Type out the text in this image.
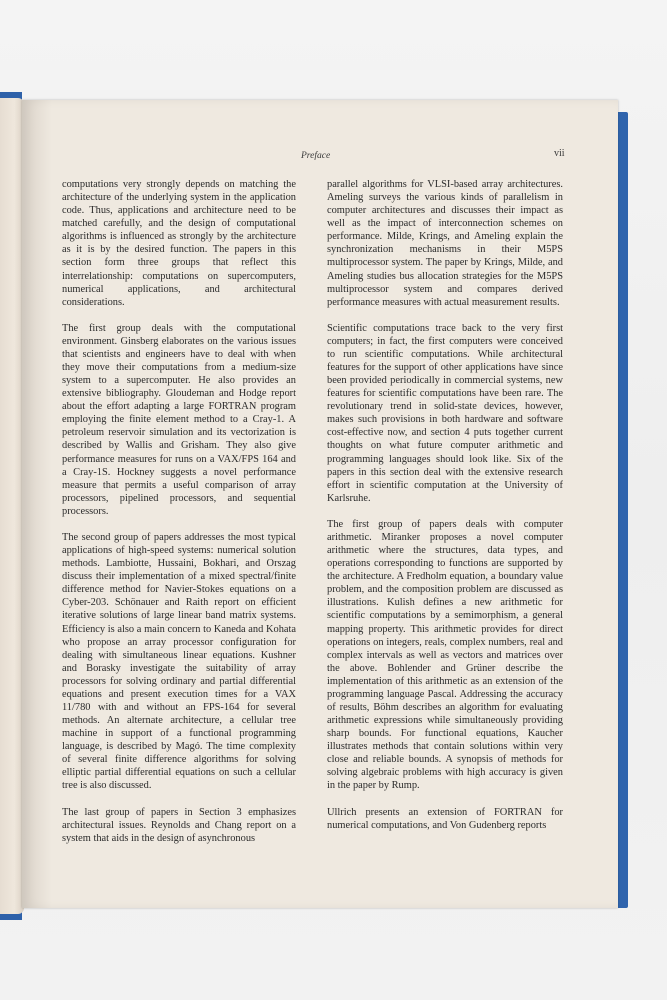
Preface	vii

computations very strongly depends on matching the architecture of the underlying system in the application code. Thus, applications and architecture need to be matched carefully, and the design of computational algorithms is influenced as strongly by the architecture as it is by the desired function. The papers in this section form three groups that reflect this interrelationship: computations on supercomputers, numerical applications, and architectural considerations.

The first group deals with the computational environment. Ginsberg elaborates on the various issues that scientists and engineers have to deal with when they move their computations from a medium-size system to a supercomputer. He also provides an extensive bibliography. Gloudeman and Hodge report about the effort adapting a large FORTRAN program employing the finite element method to a Cray-1. A petroleum reservoir simulation and its vectorization is described by Wallis and Grisham. They also give performance measures for runs on a VAX/FPS 164 and a Cray-1S. Hockney suggests a novel performance measure that permits a useful comparison of array processors, pipelined processors, and sequential processors.

The second group of papers addresses the most typical applications of high-speed systems: numerical solution methods. Lambiotte, Hussaini, Bokhari, and Orszag discuss their implementation of a mixed spectral/finite difference method for Navier-Stokes equations on a Cyber-203. Schönauer and Raith report on efficient iterative solutions of large linear band matrix systems. Efficiency is also a main concern to Kaneda and Kohata who propose an array processor configuration for dealing with simultaneous linear equations. Kushner and Borasky investigate the suitability of array processors for solving ordinary and partial differential equations and present execution times for a VAX 11/780 with and without an FPS-164 for several methods. An alternate architecture, a cellular tree machine in support of a functional programming language, is described by Magó. The time complexity of several finite difference algorithms for solving elliptic partial differential equations on such a cellular tree is also discussed.

The last group of papers in Section 3 emphasizes architectural issues. Reynolds and Chang report on a system that aids in the design of asynchronous

parallel algorithms for VLSI-based array architectures. Ameling surveys the various kinds of parallelism in computer architectures and discusses their impact as well as the impact of interconnection schemes on performance. Milde, Krings, and Ameling explain the synchronization mechanisms in their M5PS multiprocessor system. The paper by Krings, Milde, and Ameling studies bus allocation strategies for the M5PS multiprocessor system and compares derived performance measures with actual measurement results.

Scientific computations trace back to the very first computers; in fact, the first computers were conceived to run scientific computations. While architectural features for the support of other applications have since been provided periodically in commercial systems, new features for scientific computations have been rare. The revolutionary trend in solid-state devices, however, makes such provisions in both hardware and software cost-effective now, and section 4 puts together current thoughts on what future computer arithmetic and programming languages should look like. Six of the papers in this section deal with the extensive research effort in scientific computation at the University of Karlsruhe.

The first group of papers deals with computer arithmetic. Miranker proposes a novel computer arithmetic where the structures, data types, and operations corresponding to functions are supported by the architecture. A Fredholm equation, a boundary value problem, and the composition problem are discussed as illustrations. Kulish defines a new arithmetic for scientific computations by a semimorphism, a general mapping property. This arithmetic provides for direct operations on integers, reals, complex numbers, real and complex intervals as well as vectors and matrices over the above. Bohlender and Grüner describe the implementation of this arithmetic as an extension of the programming language Pascal. Addressing the accuracy of results, Böhm describes an algorithm for evaluating arithmetic expressions while simultaneously providing sharp bounds. For functional equations, Kaucher illustrates methods that contain solutions within very close and reliable bounds. A synopsis of methods for solving algebraic problems with high accuracy is given in the paper by Rump.

Ullrich presents an extension of FORTRAN for numerical computations, and Von Gudenberg reports
